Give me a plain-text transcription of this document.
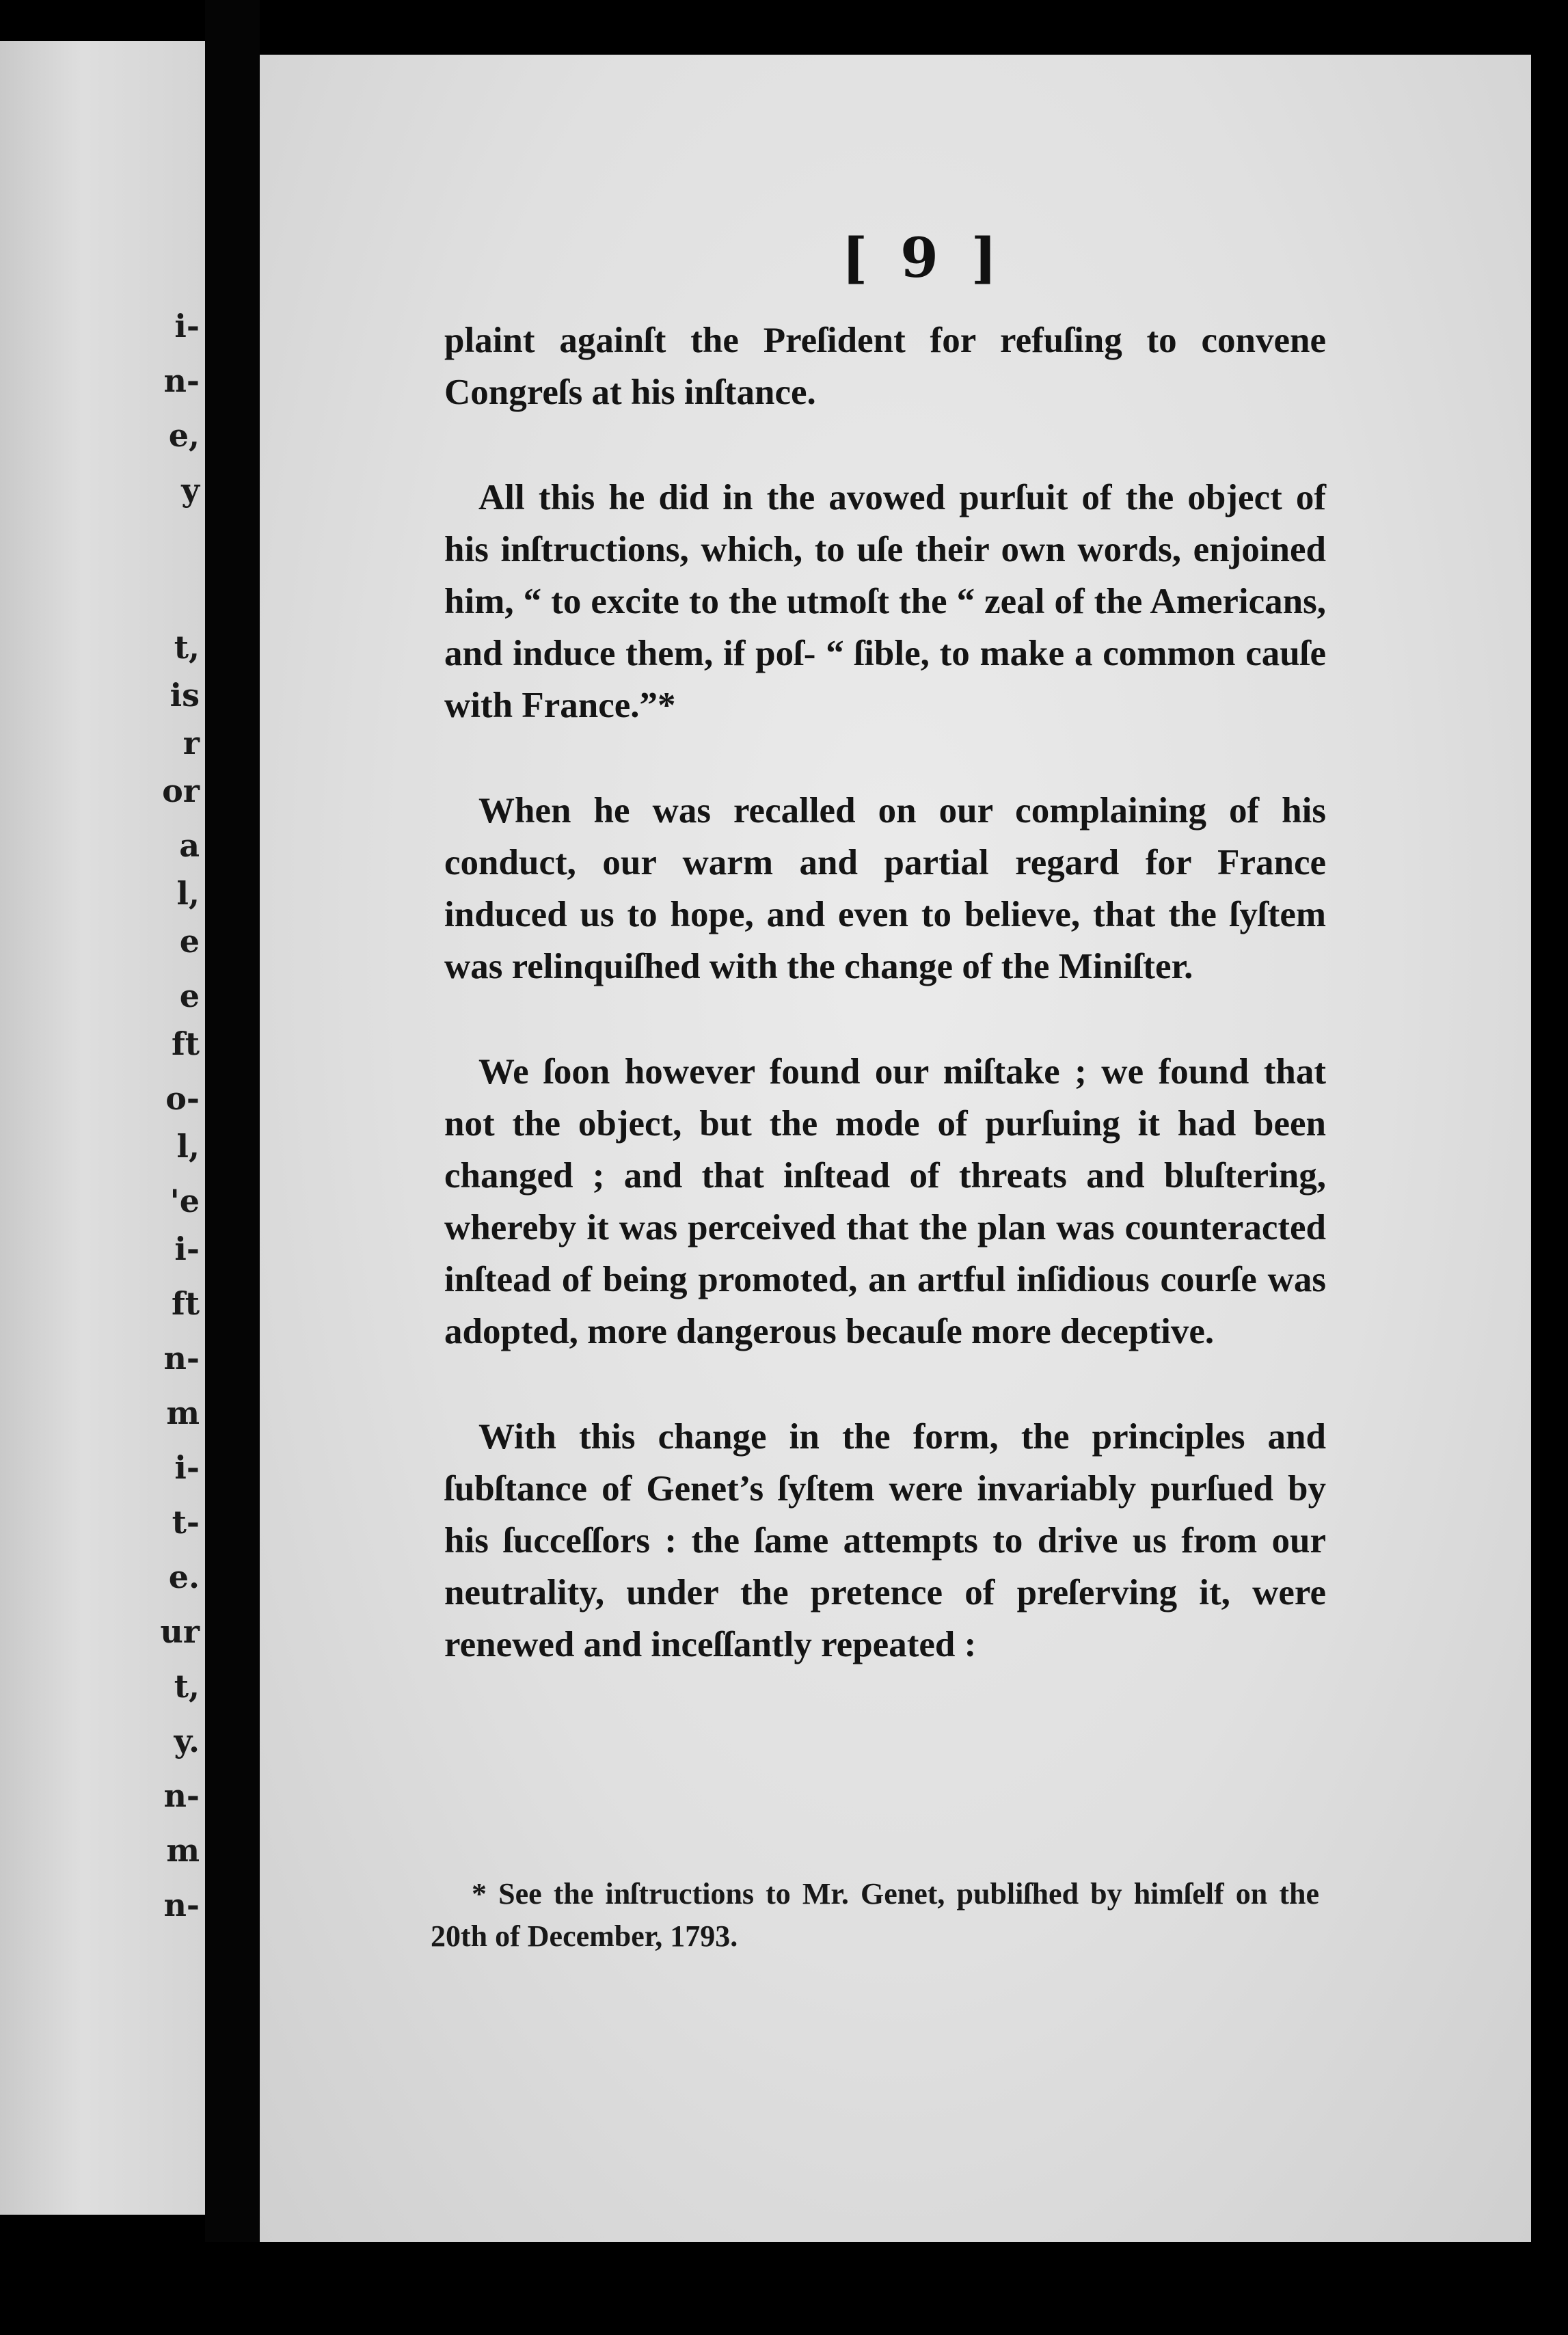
i-
n-
e,
y
t,
is
r
or
a
l,
e
e
ft
o-
l,
'e
i-
ft
n-
m
i-
t-
e.
ur
t,
y.
n-
m
n-
[ 9 ]

plaint againſt the Preſident for refuſing to convene Congreſs at his inſtance.

All this he did in the avowed purſuit of the object of his inſtructions, which, to uſe their own words, enjoined him, “ to excite to the utmoſt the “ zeal of the Americans, and induce them, if poſ- “ ſible, to make a common cauſe with France.”*

When he was recalled on our complaining of his conduct, our warm and partial regard for France induced us to hope, and even to believe, that the ſyſtem was relinquiſhed with the change of the Miniſter.

We ſoon however found our miſtake ; we found that not the object, but the mode of purſuing it had been changed ; and that inſtead of threats and bluſtering, whereby it was perceived that the plan was counteracted inſtead of being promoted, an artful inſidious courſe was adopted, more dangerous becauſe more deceptive.

With this change in the form, the principles and ſubſtance of Genet’s ſyſtem were invariably purſued by his ſucceſſors : the ſame attempts to drive us from our neutrality, under the pretence of preſerving it, were renewed and inceſſantly repeated :

* See the inſtructions to Mr. Genet, publiſhed by himſelf on the 20th of December, 1793.
